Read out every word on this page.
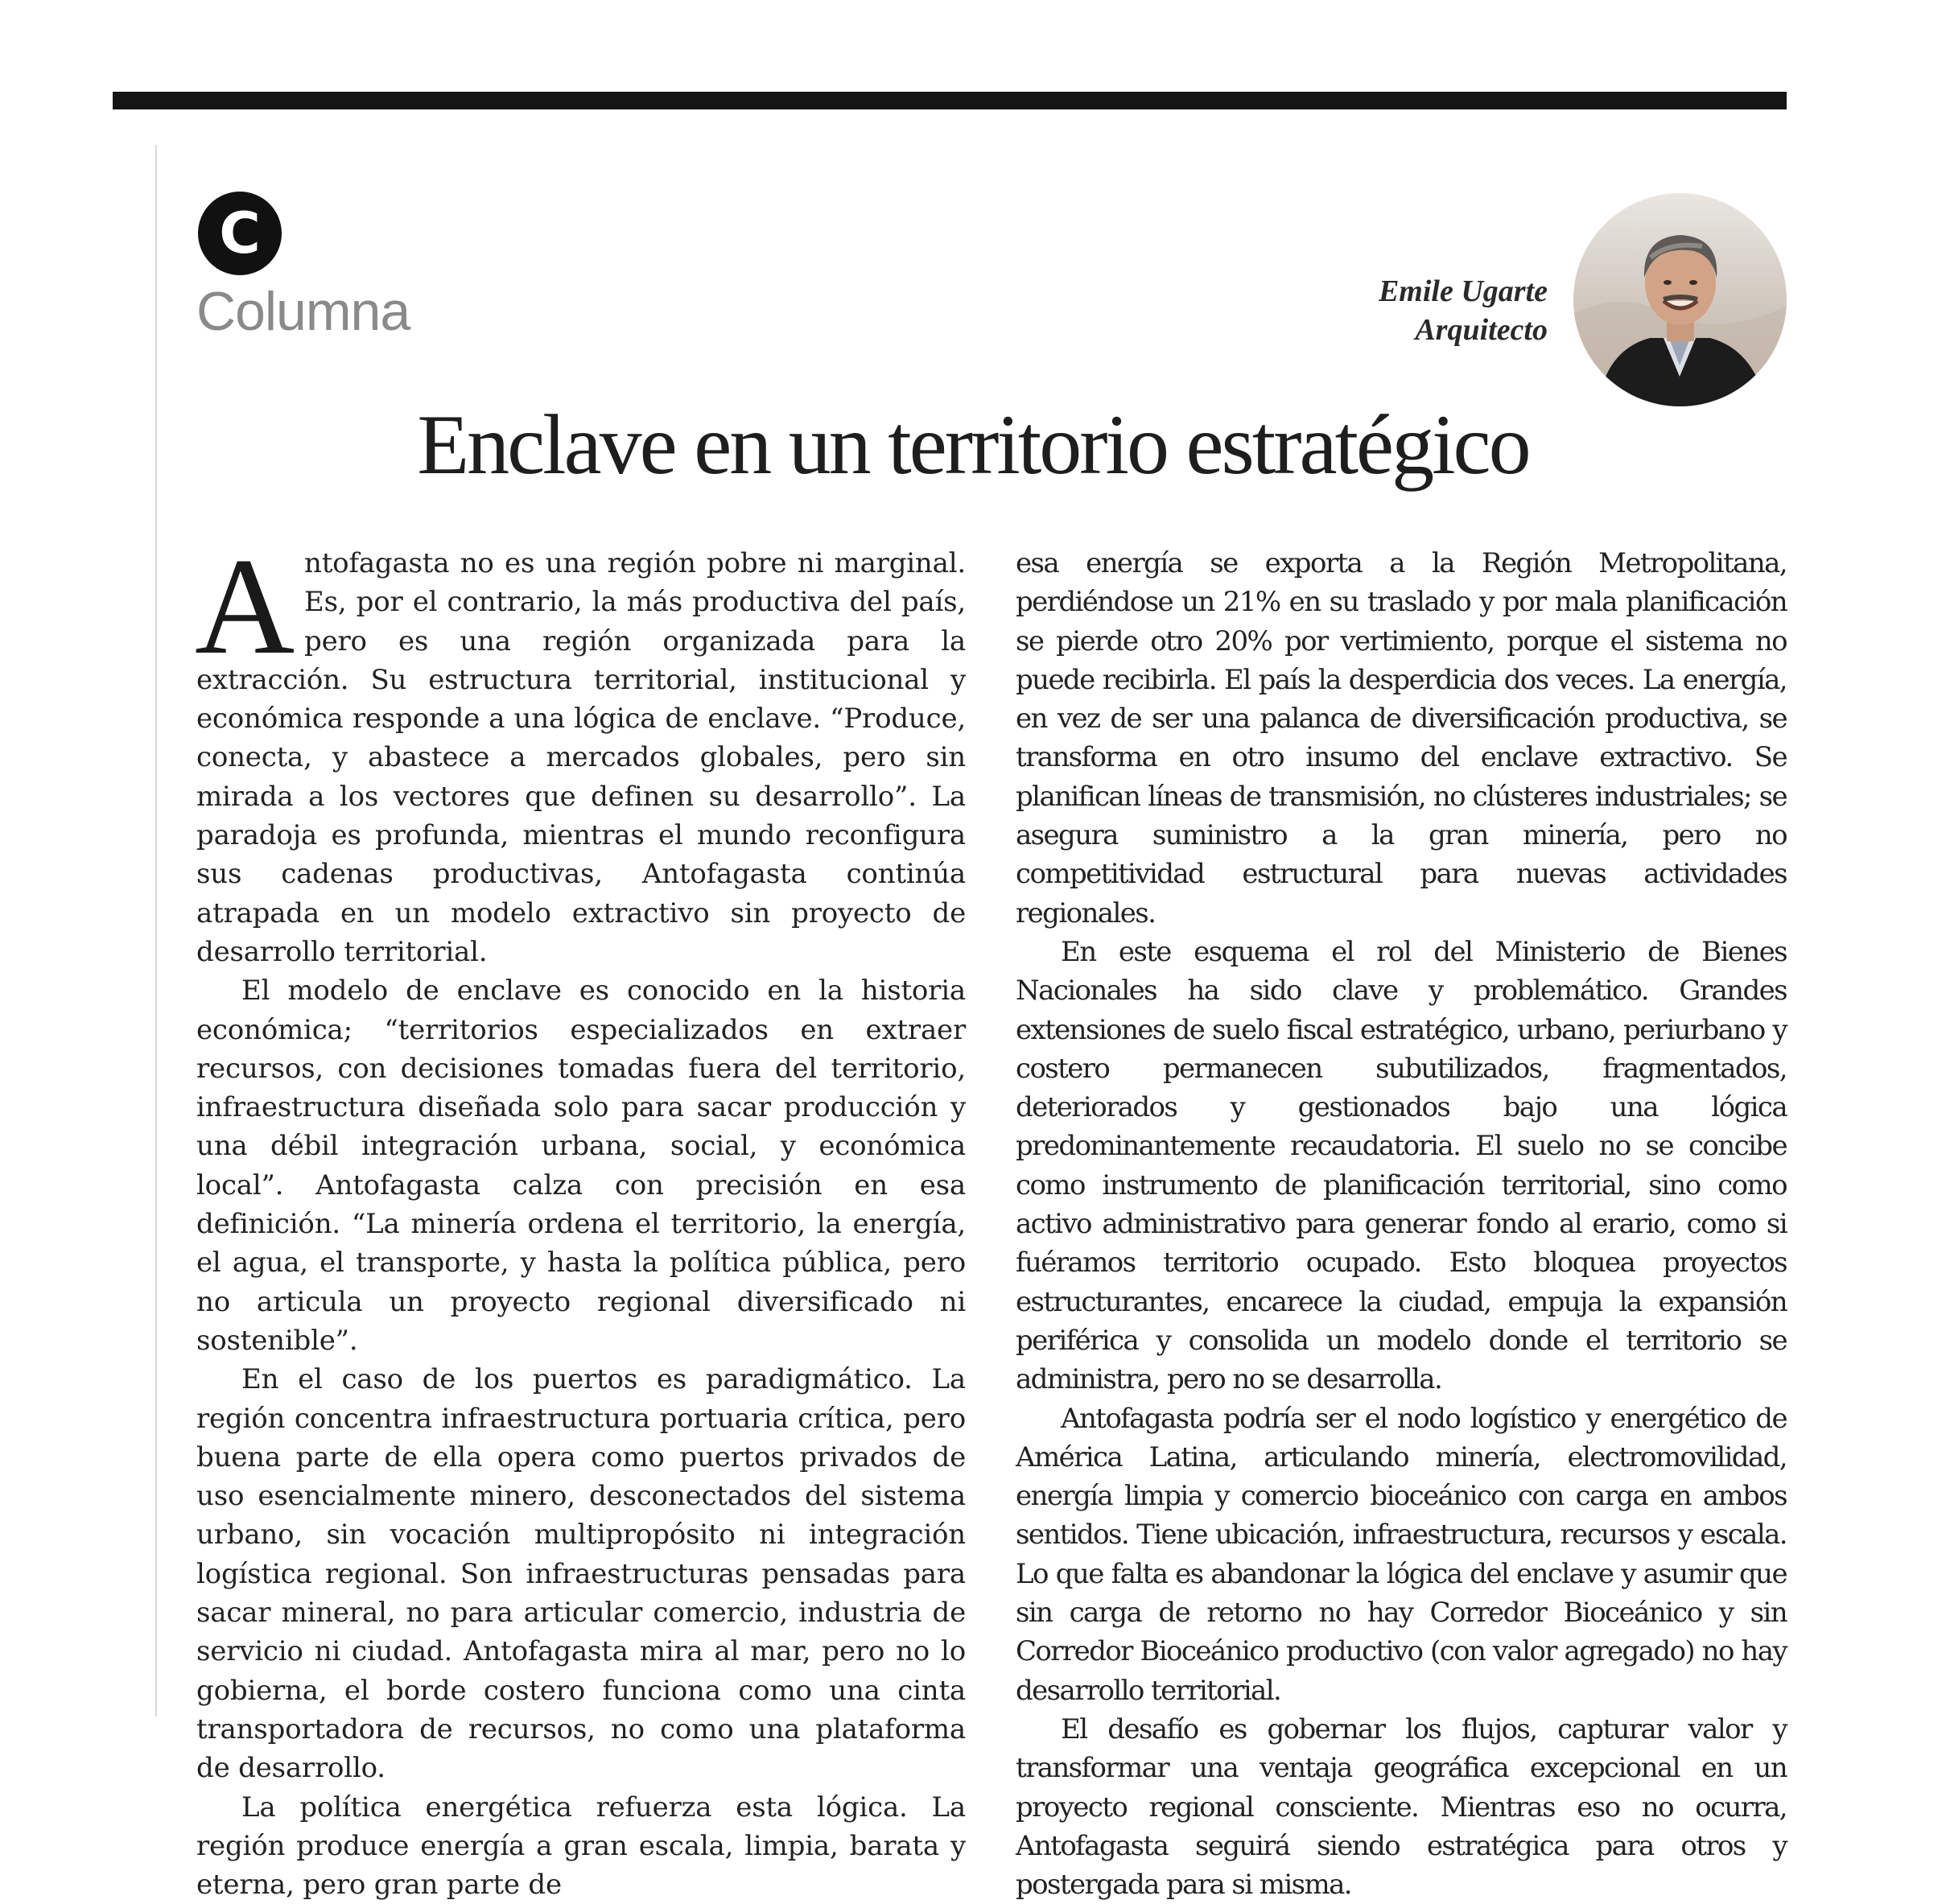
C
Columna	Emile Ugarte
Arquitecto
Enclave en un territorio estratégico

Antofagasta no es una región pobre ni marginal. Es, por el contrario, la más productiva del país, pero es una región organizada para la extracción. Su estructura territorial, institucional y económica responde a una lógica de enclave. “Produce, conecta, y abastece a mercados globales, pero sin mirada a los vectores que definen su desarrollo”. La paradoja es profunda, mientras el mundo reconfigura sus cadenas productivas, Antofagasta continúa atrapada en un modelo extractivo sin proyecto de desarrollo territorial.

El modelo de enclave es conocido en la historia económica; “territorios especializados en extraer recursos, con decisiones tomadas fuera del territorio, infraestructura diseñada solo para sacar producción y una débil integración urbana, social, y económica local”. Antofagasta calza con precisión en esa definición. “La minería ordena el territorio, la energía, el agua, el transporte, y hasta la política pública, pero no articula un proyecto regional diversificado ni sostenible”.

En el caso de los puertos es paradigmático. La región concentra infraestructura portuaria crítica, pero buena parte de ella opera como puertos privados de uso esencialmente minero, desconectados del sistema urbano, sin vocación multipropósito ni integración logística regional. Son infraestructuras pensadas para sacar mineral, no para articular comercio, industria de servicio ni ciudad. Antofagasta mira al mar, pero no lo gobierna, el borde costero funciona como una cinta transportadora de recursos, no como una plataforma de desarrollo.

La política energética refuerza esta lógica. La región produce energía a gran escala, limpia, barata y eterna, pero gran parte de

esa energía se exporta a la Región Metropolitana, perdiéndose un 21% en su traslado y por mala planificación se pierde otro 20% por vertimiento, porque el sistema no puede recibirla. El país la desperdicia dos veces. La energía, en vez de ser una palanca de diversificación productiva, se transforma en otro insumo del enclave extractivo. Se planifican líneas de transmisión, no clústeres industriales; se asegura suministro a la gran minería, pero no competitividad estructural para nuevas actividades regionales.

En este esquema el rol del Ministerio de Bienes Nacionales ha sido clave y problemático. Grandes extensiones de suelo fiscal estratégico, urbano, periurbano y costero permanecen subutilizados, fragmentados, deteriorados y gestionados bajo una lógica predominantemente recaudatoria. El suelo no se concibe como instrumento de planificación territorial, sino como activo administrativo para generar fondo al erario, como si fuéramos territorio ocupado. Esto bloquea proyectos estructurantes, encarece la ciudad, empuja la expansión periférica y consolida un modelo donde el territorio se administra, pero no se desarrolla.

Antofagasta podría ser el nodo logístico y energético de América Latina, articulando minería, electromovilidad, energía limpia y comercio bioceánico con carga en ambos sentidos. Tiene ubicación, infraestructura, recursos y escala. Lo que falta es abandonar la lógica del enclave y asumir que sin carga de retorno no hay Corredor Bioceánico y sin Corredor Bioceánico productivo (con valor agregado) no hay desarrollo territorial.

El desafío es gobernar los flujos, capturar valor y transformar una ventaja geográfica excepcional en un proyecto regional consciente. Mientras eso no ocurra, Antofagasta seguirá siendo estratégica para otros y postergada para si misma.
